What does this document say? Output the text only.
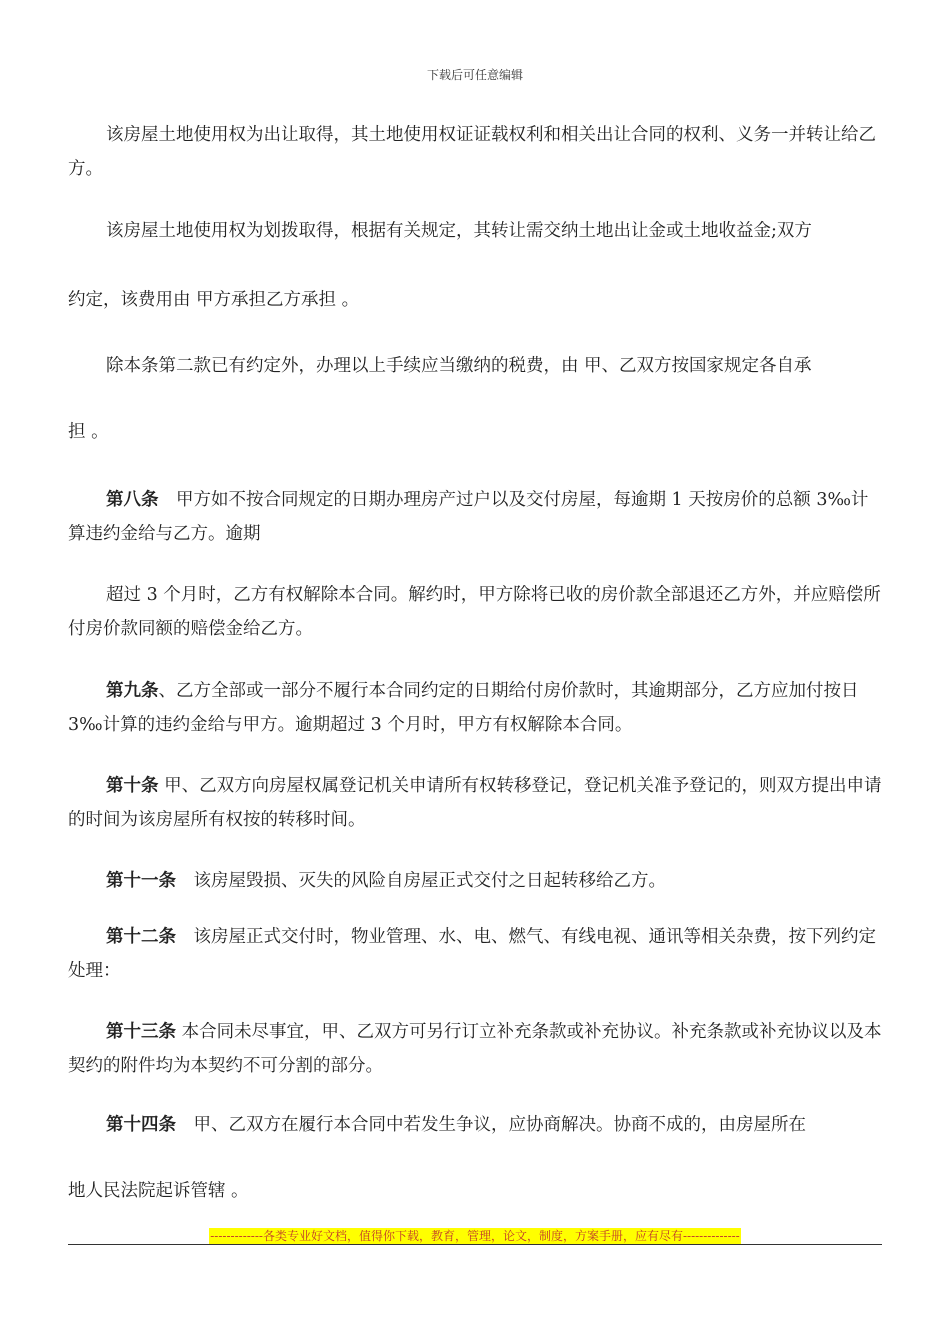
下载后可任意编辑

该房屋土地使用权为出让取得，其土地使用权证证载权利和相关出让合同的权利、义务一并转让给乙方。

该房屋土地使用权为划拨取得，根据有关规定，其转让需交纳土地出让金或土地收益金;双方

约定，该费用由 甲方承担乙方承担 。

除本条第二款已有约定外，办理以上手续应当缴纳的税费，由 甲、乙双方按国家规定各自承

担 。

第八条　甲方如不按合同规定的日期办理房产过户以及交付房屋，每逾期 1 天按房价的总额 3‰计算违约金给与乙方。逾期

超过 3 个月时，乙方有权解除本合同。解约时，甲方除将已收的房价款全部退还乙方外，并应赔偿所付房价款同额的赔偿金给乙方。

第九条、乙方全部或一部分不履行本合同约定的日期给付房价款时，其逾期部分，乙方应加付按日 3‰计算的违约金给与甲方。逾期超过 3 个月时，甲方有权解除本合同。

第十条 甲、乙双方向房屋权属登记机关申请所有权转移登记，登记机关准予登记的，则双方提出申请的时间为该房屋所有权按的转移时间。

第十一条　该房屋毁损、灭失的风险自房屋正式交付之日起转移给乙方。

第十二条　该房屋正式交付时，物业管理、水、电、燃气、有线电视、通讯等相关杂费，按下列约定处理：

第十三条 本合同未尽事宜，甲、乙双方可另行订立补充条款或补充协议。补充条款或补充协议以及本契约的附件均为本契约不可分割的部分。

第十四条　甲、乙双方在履行本合同中若发生争议，应协商解决。协商不成的，由房屋所在

地人民法院起诉管辖 。

-------------各类专业好文档，值得你下载，教育，管理，论文，制度，方案手册，应有尽有--------------
